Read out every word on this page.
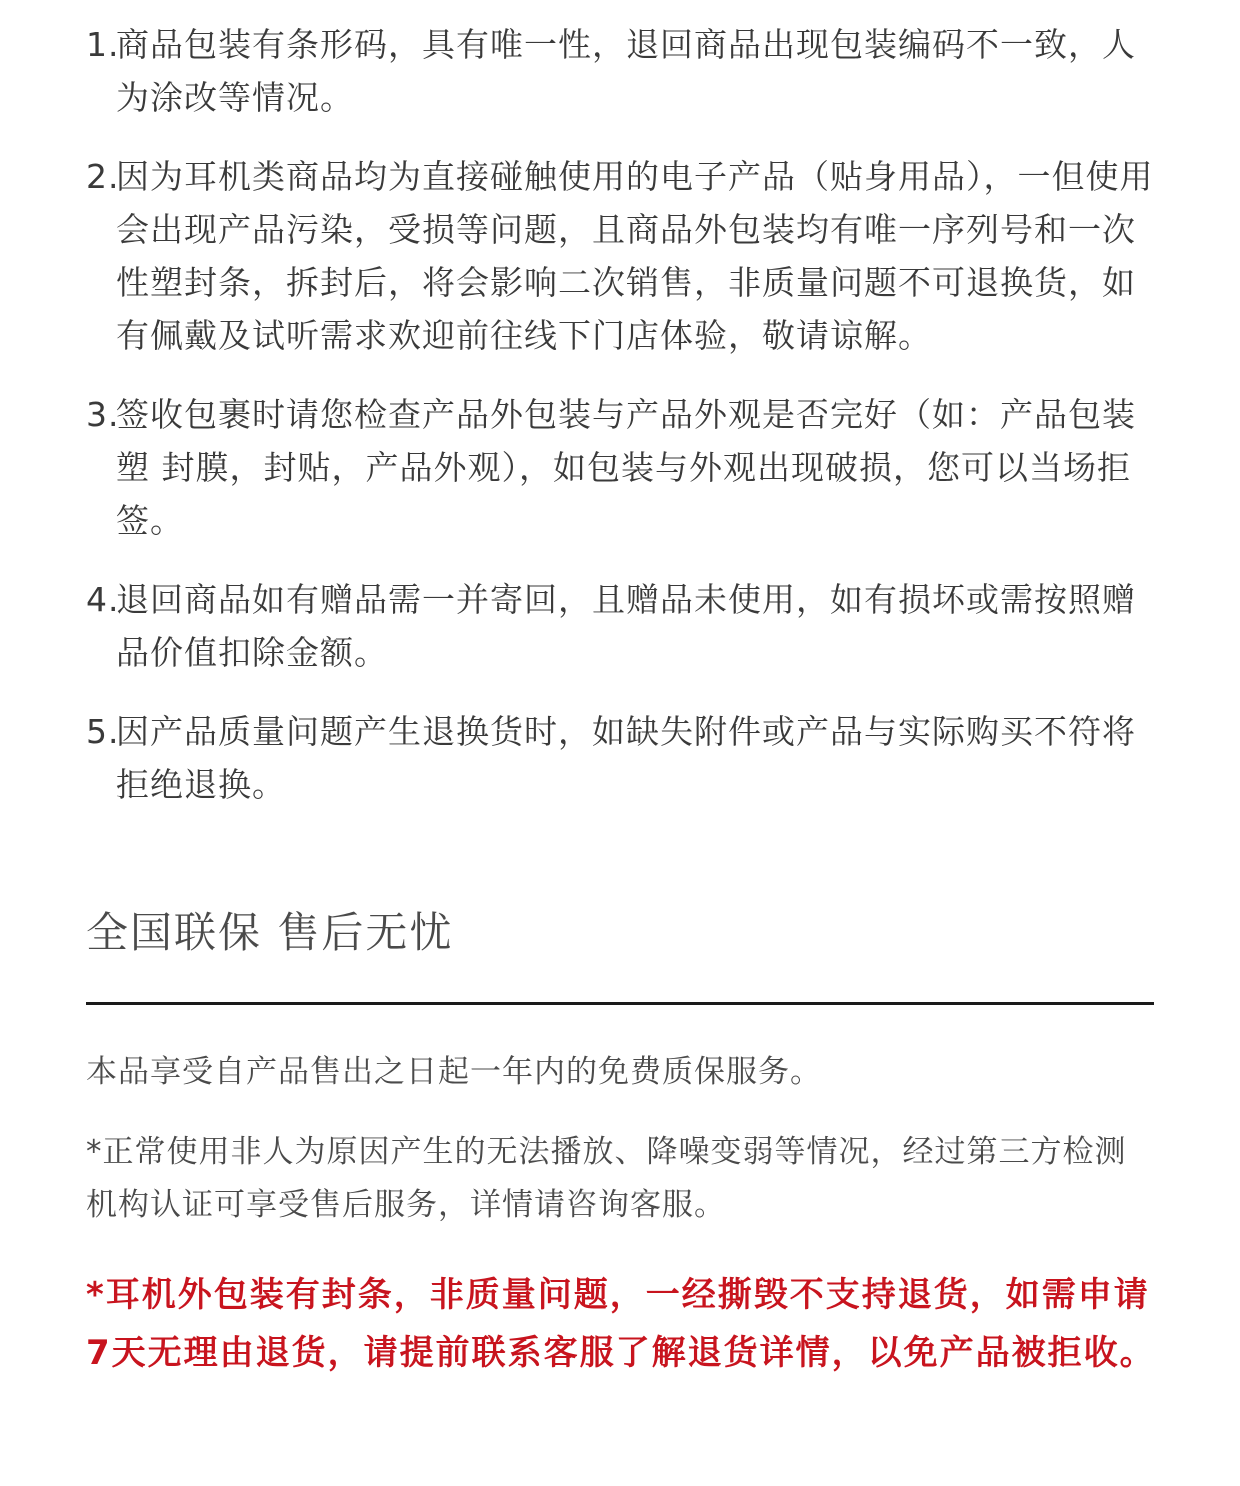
1.
商品包装有条形码，具有唯一性，退回商品出现包装编码不一致，人为涂改等情况。
2.
因为耳机类商品均为直接碰触使用的电子产品（贴身用品），一但使用会出现产品污染，受损等问题，且商品外包装均有唯一序列号和一次性塑封条，拆封后，将会影响二次销售，非质量问题不可退换货，如有佩戴及试听需求欢迎前往线下门店体验，敬请谅解。
3.
签收包裹时请您检查产品外包装与产品外观是否完好（如：产品包装塑 封膜，封贴，产品外观），如包装与外观出现破损，您可以当场拒签。
4.
退回商品如有赠品需一并寄回，且赠品未使用，如有损坏或需按照赠品价值扣除金额。
5.
因产品质量问题产生退换货时，如缺失附件或产品与实际购买不符将拒绝退换。
全国联保 售后无忧
本品享受自产品售出之日起一年内的免费质保服务。
*正常使用非人为原因产生的无法播放、降噪变弱等情况，经过第三方检测机构认证可享受售后服务，详情请咨询客服。
*耳机外包装有封条，非质量问题，一经撕毁不支持退货，如需申请7天无理由退货，请提前联系客服了解退货详情，以免产品被拒收。
